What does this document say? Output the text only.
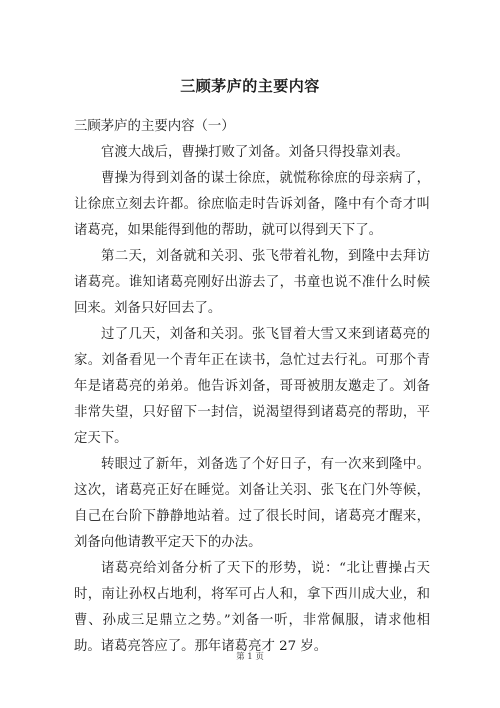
三顾茅庐的主要内容

三顾茅庐的主要内容（一）

官渡大战后，曹操打败了刘备。刘备只得投靠刘表。

曹操为得到刘备的谋士徐庶，就慌称徐庶的母亲病了，让徐庶立刻去许都。徐庶临走时告诉刘备，隆中有个奇才叫诸葛亮，如果能得到他的帮助，就可以得到天下了。

第二天，刘备就和关羽、张飞带着礼物，到隆中去拜访诸葛亮。谁知诸葛亮刚好出游去了，书童也说不准什么时候回来。刘备只好回去了。

过了几天，刘备和关羽。张飞冒着大雪又来到诸葛亮的家。刘备看见一个青年正在读书，急忙过去行礼。可那个青年是诸葛亮的弟弟。他告诉刘备，哥哥被朋友邀走了。刘备非常失望，只好留下一封信，说渴望得到诸葛亮的帮助，平定天下。

转眼过了新年，刘备选了个好日子，有一次来到隆中。这次，诸葛亮正好在睡觉。刘备让关羽、张飞在门外等候，自己在台阶下静静地站着。过了很长时间，诸葛亮才醒来，刘备向他请教平定天下的办法。

诸葛亮给刘备分析了天下的形势，说：“北让曹操占天时，南让孙权占地利，将军可占人和，拿下西川成大业，和曹、孙成三足鼎立之势。”刘备一听，非常佩服，请求他相助。诸葛亮答应了。那年诸葛亮才 27 岁。

第 1 页
